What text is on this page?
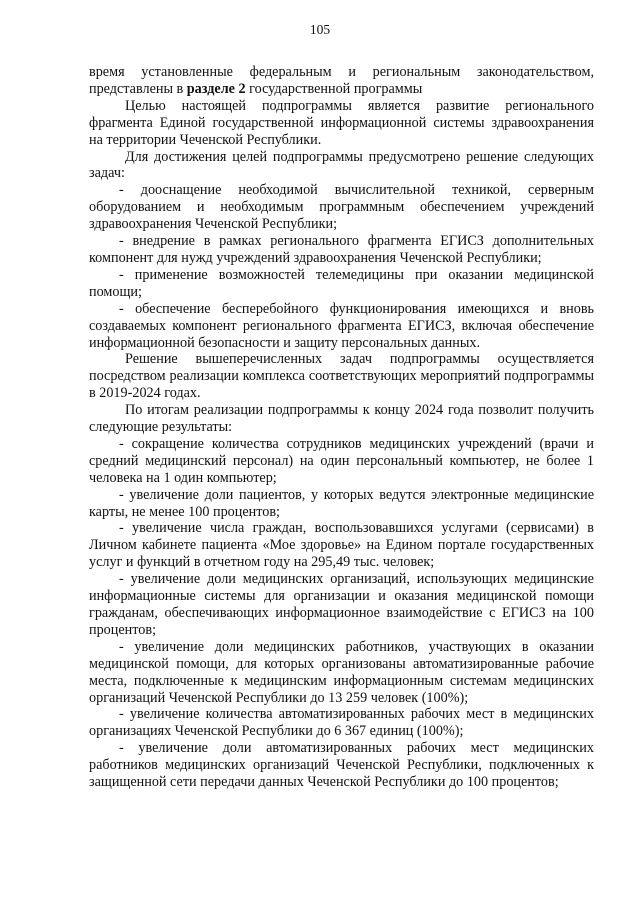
105

время установленные федеральным и региональным законодательством, представлены в разделе 2 государственной программы

Целью настоящей подпрограммы является развитие регионального фрагмента Единой государственной информационной системы здравоохранения на территории Чеченской Республики.

Для достижения целей подпрограммы предусмотрено решение следующих задач:

- дооснащение необходимой вычислительной техникой, серверным оборудованием и необходимым программным обеспечением учреждений здравоохранения Чеченской Республики;

- внедрение в рамках регионального фрагмента ЕГИСЗ дополнительных компонент для нужд учреждений здравоохранения Чеченской Республики;

- применение возможностей телемедицины при оказании медицинской помощи;

- обеспечение бесперебойного функционирования имеющихся и вновь создаваемых компонент регионального фрагмента ЕГИСЗ, включая обеспечение информационной безопасности и защиту персональных данных.

Решение вышеперечисленных задач подпрограммы осуществляется посредством реализации комплекса соответствующих мероприятий подпрограммы в 2019-2024 годах.

По итогам реализации подпрограммы к концу 2024 года позволит получить следующие результаты:

- сокращение количества сотрудников медицинских учреждений (врачи и средний медицинский персонал) на один персональный компьютер, не более 1 человека на 1 один компьютер;

- увеличение доли пациентов, у которых ведутся электронные медицинские карты, не менее 100 процентов;

- увеличение числа граждан, воспользовавшихся услугами (сервисами) в Личном кабинете пациента «Мое здоровье» на Едином портале государственных услуг и функций в отчетном году на 295,49 тыс. человек;

- увеличение доли медицинских организаций, использующих медицинские информационные системы для организации и оказания медицинской помощи гражданам, обеспечивающих информационное взаимодействие с ЕГИСЗ на 100 процентов;

- увеличение доли медицинских работников, участвующих в оказании медицинской помощи, для которых организованы автоматизированные рабочие места, подключенные к медицинским информационным системам медицинских организаций Чеченской Республики до 13 259 человек (100%);

- увеличение количества автоматизированных рабочих мест в медицинских организациях Чеченской Республики до 6 367 единиц (100%);

- увеличение доли автоматизированных рабочих мест медицинских работников медицинских организаций Чеченской Республики, подключенных к защищенной сети передачи данных Чеченской Республики до 100 процентов;
